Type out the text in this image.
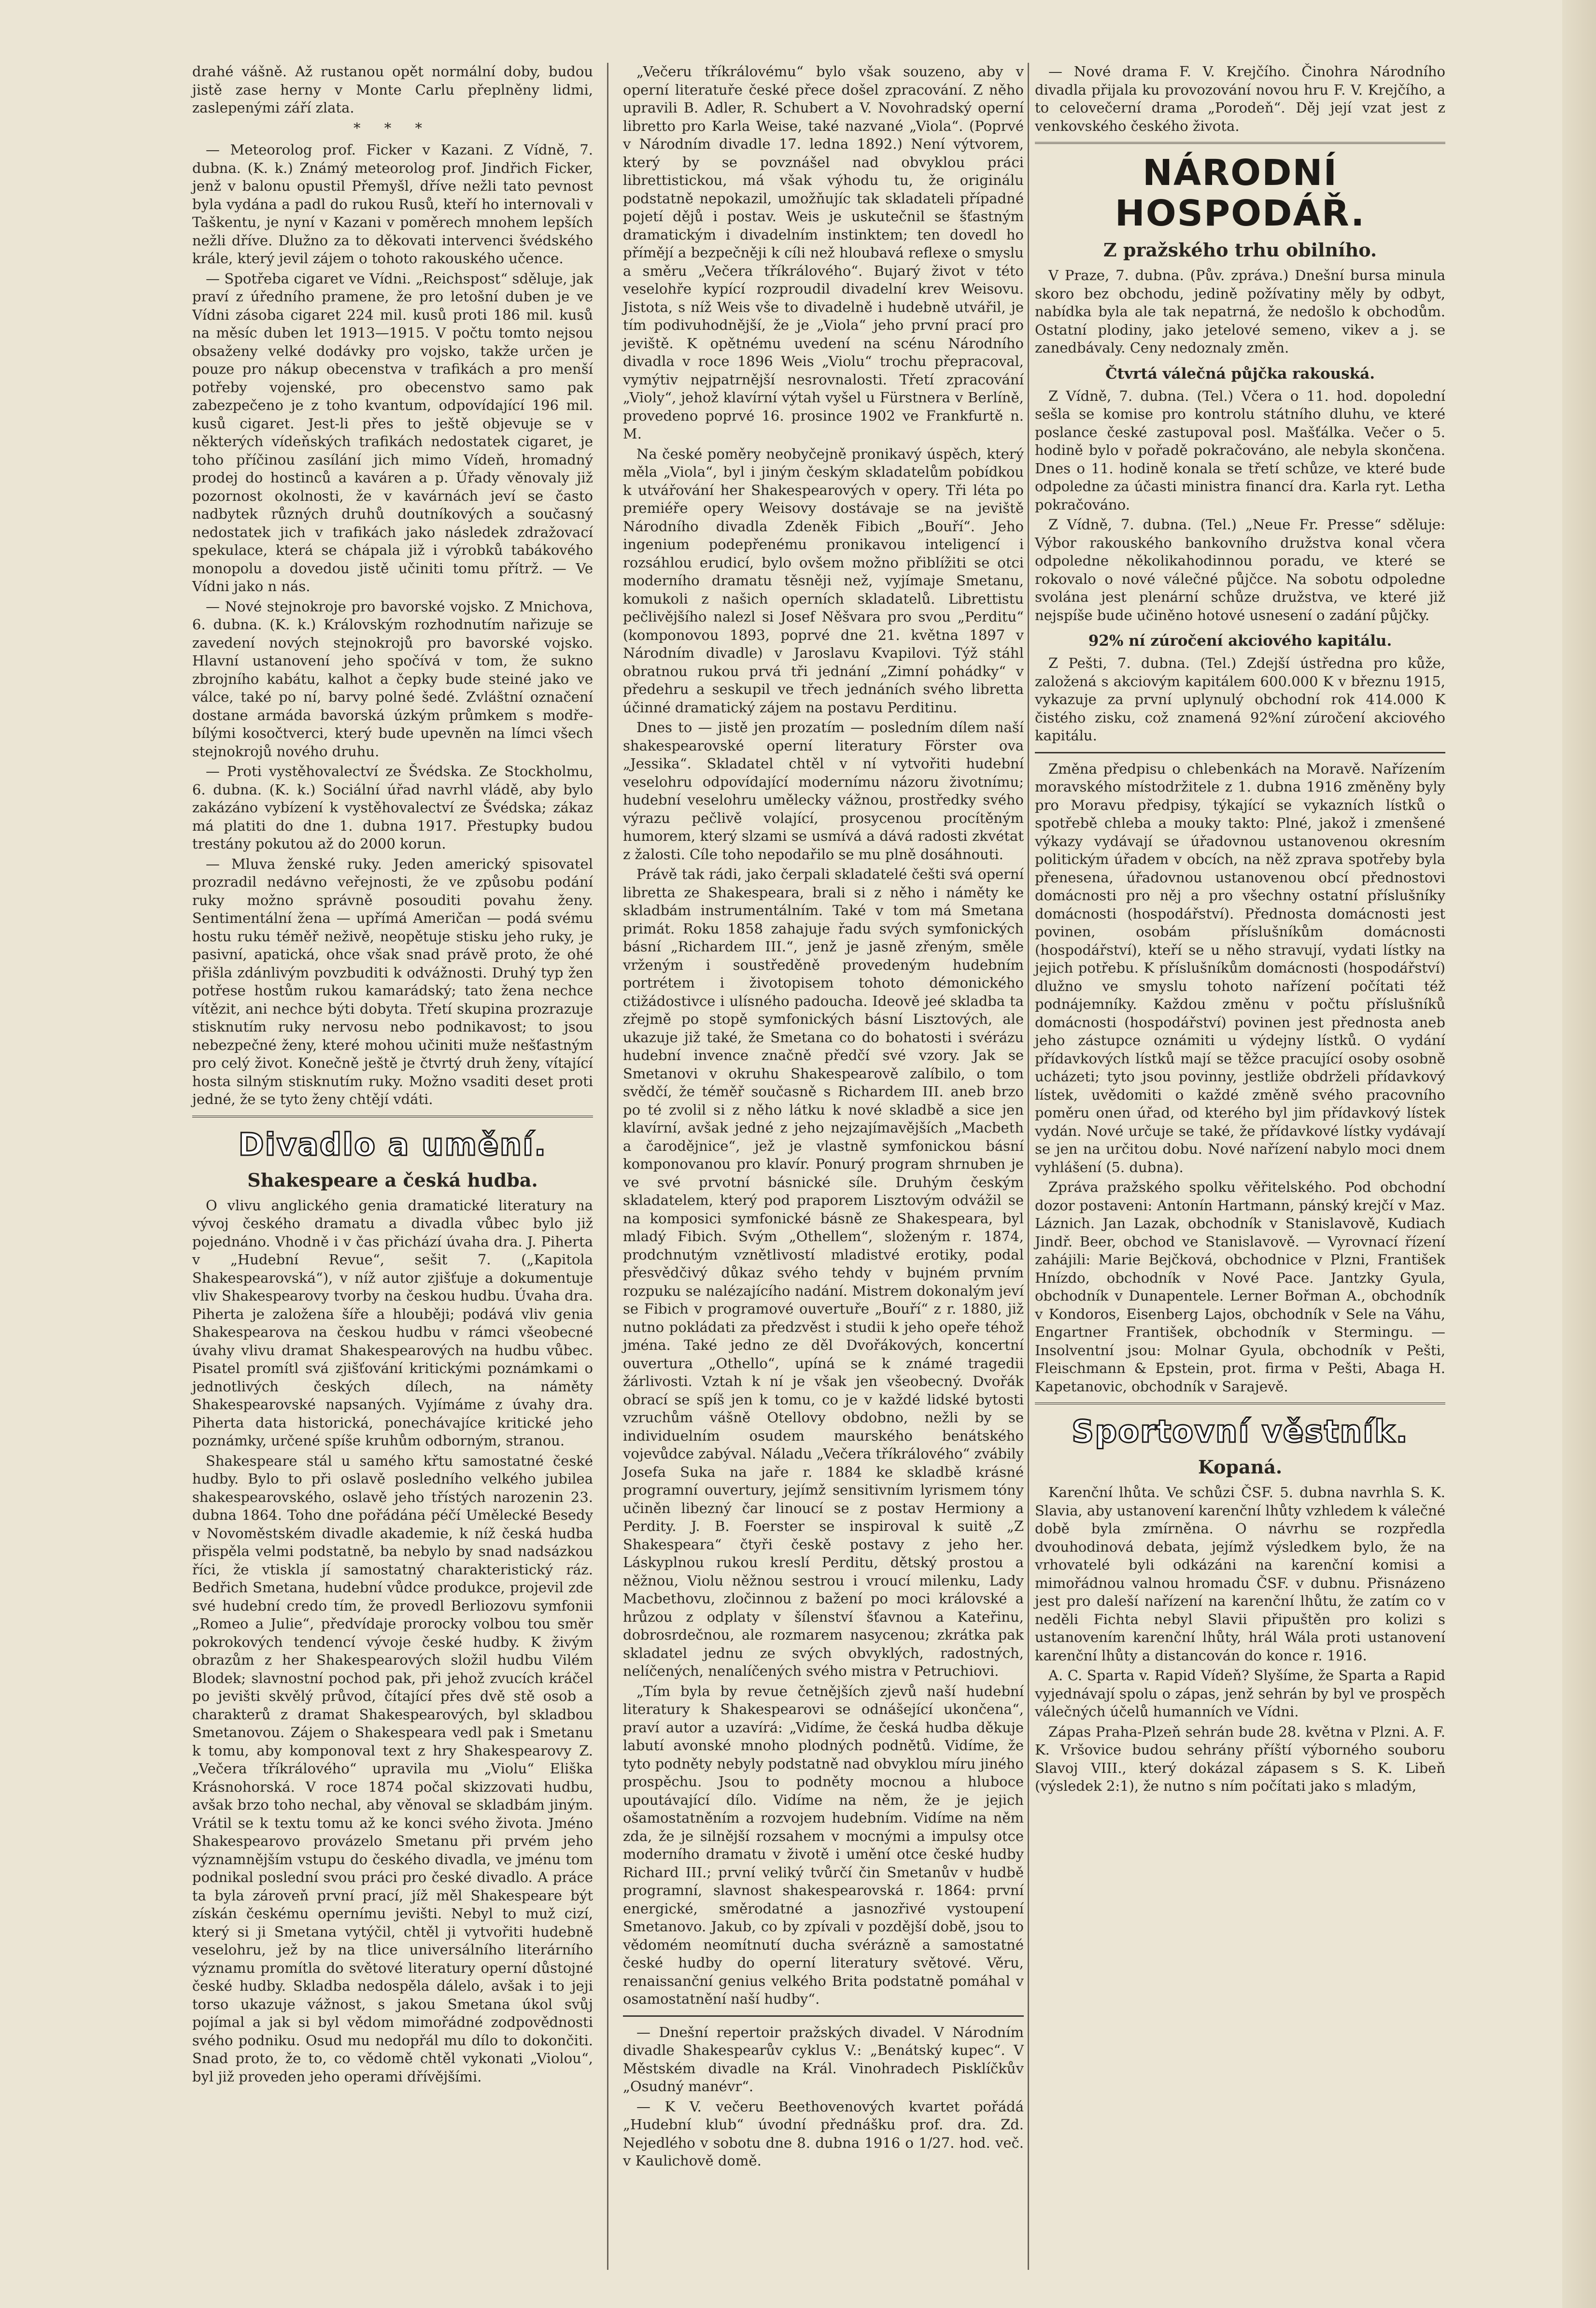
drahé vášně. Až rustanou opět normální doby, budou jistě zase herny v Monte Carlu přeplněny lidmi, zaslepenými září zlata.

* * *

— Meteorolog prof. Ficker v Kazani. Z Vídně, 7. dubna. (K. k.) Známý meteorolog prof. Jindřich Ficker, jenž v balonu opustil Přemyšl, dříve nežli tato pevnost byla vydána a padl do rukou Rusů, kteří ho internovali v Taškentu, je nyní v Kazani v poměrech mnohem lepších nežli dříve. Dlužno za to děkovati intervenci švédského krále, který jevil zájem o tohoto rakouského učence.

— Spotřeba cigaret ve Vídni. „Reichspost“ sděluje, jak praví z úředního pramene, že pro letošní duben je ve Vídni zásoba cigaret 224 mil. kusů proti 186 mil. kusů na měsíc duben let 1913—1915. V počtu tomto nejsou obsaženy velké dodávky pro vojsko, takže určen je pouze pro nákup obecenstva v trafikách a pro menší potřeby vojenské, pro obecenstvo samo pak zabezpečeno je z toho kvantum, odpovídající 196 mil. kusů cigaret. Jest-li přes to ještě objevuje se v některých vídeňských trafikách nedostatek cigaret, je toho příčinou zasílání jich mimo Vídeň, hromadný prodej do hostinců a kaváren a p. Úřady věnovaly již pozornost okolnosti, že v kavárnách jeví se často nadbytek různých druhů doutníkových a současný nedostatek jich v trafikách jako následek zdražovací spekulace, která se chápala již i výrobků tabákového monopolu a dovedou jistě učiniti tomu přítrž. — Ve Vídni jako n nás.

— Nové stejnokroje pro bavorské vojsko. Z Mnichova, 6. dubna. (K. k.) Královským rozhodnutím nařizuje se zavedení nových stejnokrojů pro bavorské vojsko. Hlavní ustanovení jeho spočívá v tom, že sukno zbrojního kabátu, kalhot a čepky bude steiné jako ve válce, také po ní, barvy polné šedé. Zvláštní označení dostane armáda bavorská úzkým průmkem s modře-bílými kosočtverci, který bude upevněn na límci všech stejnokrojů nového druhu.

— Proti vystěhovalectví ze Švédska. Ze Stockholmu, 6. dubna. (K. k.) Sociální úřad navrhl vládě, aby bylo zakázáno vybízení k vystěhovalectví ze Švédska; zákaz má platiti do dne 1. dubna 1917. Přestupky budou trestány pokutou až do 2000 korun.

— Mluva ženské ruky. Jeden americký spisovatel prozradil nedávno veřejnosti, že ve způsobu podání ruky možno správně posouditi povahu ženy. Sentimentální žena — upřímá Američan — podá svému hostu ruku téměř neživě, neopětuje stisku jeho ruky, je pasivní, apatická, ohce však snad právě proto, že ohé přišla zdánlivým povzbuditi k odvážnosti. Druhý typ žen potřese hostům rukou kamarádský; tato žena nechce vítězit, ani nechce býti dobyta. Třetí skupina prozrazuje stisknutím ruky nervosu nebo podnikavost; to jsou nebezpečné ženy, které mohou učiniti muže nešťastným pro celý život. Konečně ještě je čtvrtý druh ženy, vítající hosta silným stisknutím ruky. Možno vsaditi deset proti jedné, že se tyto ženy chtějí vdáti.

Divadlo a umění.
Shakespeare a česká hudba.

O vlivu anglického genia dramatické literatury na vývoj českého dramatu a divadla vůbec bylo již pojednáno. Vhodně i v čas přichází úvaha dra. J. Piherta v „Hudební Revue“, sešit 7. („Kapitola Shakespearovská“), v níž autor zjišťuje a dokumentuje vliv Shakespearovy tvorby na českou hudbu. Úvaha dra. Piherta je založena šíře a hlouběji; podává vliv genia Shakespearova na českou hudbu v rámci všeobecné úvahy vlivu dramat Shakespearových na hudbu vůbec. Pisatel promítl svá zjišťování kritickými poznámkami o jednotlivých českých dílech, na náměty Shakespearovské napsaných. Vyjímáme z úvahy dra. Piherta data historická, ponechávajíce kritické jeho poznámky, určené spíše kruhům odborným, stranou.

Shakespeare stál u samého křtu samostatné české hudby. Bylo to při oslavě posledního velkého jubilea shakespearovského, oslavě jeho třístých narozenin 23. dubna 1864. Toho dne pořádána péčí Umělecké Besedy v Novoměstském divadle akademie, k níž česká hudba přispěla velmi podstatně, ba nebylo by snad nadsázkou říci, že vtiskla jí samostatný charakteristický ráz. Bedřich Smetana, hudební vůdce produkce, projevil zde své hudební credo tím, že provedl Berliozovu symfonii „Romeo a Julie“, předvídaje prorocky volbou tou směr pokrokových tendencí vývoje české hudby. K živým obrazům z her Shakespearových složil hudbu Vilém Blodek; slavnostní pochod pak, při jehož zvucích kráčel po jevišti skvělý průvod, čítající přes dvě stě osob a charakterů z dramat Shakespearových, byl skladbou Smetanovou. Zájem o Shakespeara vedl pak i Smetanu k tomu, aby komponoval text z hry Shakespearovy Z. „Večera tříkrálového“ upravila mu „Violu“ Eliška Krásnohorská. V roce 1874 počal skizzovati hudbu, avšak brzo toho nechal, aby věnoval se skladbám jiným. Vrátil se k textu tomu až ke konci svého života. Jméno Shakespearovo provázelo Smetanu při prvém jeho významnějším vstupu do českého divadla, ve jménu tom podnikal poslední svou práci pro české divadlo. A práce ta byla zároveň první prací, jíž měl Shakespeare být získán českému opernímu jevišti. Nebyl to muž cizí, který si ji Smetana vytýčil, chtěl ji vytvořiti hudebně veselohru, jež by na tlice universálního literárního významu promítla do světové literatury operní důstojné české hudby. Skladba nedospěla dálelo, avšak i to jeji torso ukazuje vážnost, s jakou Smetana úkol svůj pojímal a jak si byl vědom mimořádné zodpovědnosti svého podniku. Osud mu nedopřál mu dílo to dokončiti. Snad proto, že to, co vědomě chtěl vykonati „Violou“, byl již proveden jeho operami dřívějšími.

„Večeru tříkrálovému“ bylo však souzeno, aby v operní literatuře české přece došel zpracování. Z něho upravili B. Adler, R. Schubert a V. Novohradský operní libretto pro Karla Weise, také nazvané „Viola“. (Poprvé v Národním divadle 17. ledna 1892.) Není výtvorem, který by se povznášel nad obvyklou práci librettistickou, má však výhodu tu, že originálu podstatně nepokazil, umožňujíc tak skladateli případné pojetí dějů i postav. Weis je uskutečnil se šťastným dramatickým i divadelním instinktem; ten dovedl ho přímějí a bezpečněji k cíli než hloubavá reflexe o smyslu a směru „Večera tříkrálového“. Bujarý život v této veselohře kypící rozproudil divadelní krev Weisovu. Jistota, s níž Weis vše to divadelně i hudebně utvářil, je tím podivuhodnější, že je „Viola“ jeho první prací pro jeviště. K opětnému uvedení na scénu Národního divadla v roce 1896 Weis „Violu“ trochu přepracoval, vymýtiv nejpatrnější nesrovnalosti. Třetí zpracování „Violy“, jehož klavírní výtah vyšel u Fürstnera v Berlíně, provedeno poprvé 16. prosince 1902 ve Frankfurtě n. M.

Na české poměry neobyčejně pronikavý úspěch, který měla „Viola“, byl i jiným českým skladatelům pobídkou k utvářování her Shakespearových v opery. Tři léta po premiéře opery Weisovy dostávaje se na jeviště Národního divadla Zdeněk Fibich „Bouří“. Jeho ingenium podepřenému pronikavou inteligencí i rozsáhlou erudicí, bylo ovšem možno přiblížiti se otci moderního dramatu těsněji než, vyjímaje Smetanu, komukoli z našich operních skladatelů. Librettistu pečlivějšího nalezl si Josef Něšvara pro svou „Perditu“ (komponovou 1893, poprvé dne 21. května 1897 v Národním divadle) v Jaroslavu Kvapilovi. Týž stáhl obratnou rukou prvá tři jednání „Zimní pohádky“ v předehru a seskupil ve třech jednáních svého libretta účinné dramatický zájem na postavu Perditinu.

Dnes to — jistě jen prozatím — posledním dílem naší shakespearovské operní literatury Förster ova „Jessika“. Skladatel chtěl v ní vytvořiti hudební veselohru odpovídající modernímu názoru životnímu; hudební veselohru umělecky vážnou, prostředky svého výrazu pečlivě volající, prosycenou procítěným humorem, který slzami se usmívá a dává radosti zkvétat z žalosti. Cíle toho nepodařilo se mu plně dosáhnouti.

Právě tak rádi, jako čerpali skladatelé češti svá operní libretta ze Shakespeara, brali si z něho i náměty ke skladbám instrumentálním. Také v tom má Smetana primát. Roku 1858 zahajuje řadu svých symfonických básní „Richardem III.“, jenž je jasně zřeným, směle vrženým i soustředěně provedeným hudebním portrétem i životopisem tohoto démonického ctižádostivce i ulísného padoucha. Ideově jeé skladba ta zřejmě po stopě symfonických básní Lisztových, ale ukazuje již také, že Smetana co do bohatosti i svérázu hudební invence značně předčí své vzory. Jak se Smetanovi v okruhu Shakespearově zalíbilo, o tom svědčí, že téměř současně s Richardem III. aneb brzo po té zvolil si z něho látku k nové skladbě a sice jen klavírní, avšak jedné z jeho nejzajímavějších „Macbeth a čarodějnice“, jež je vlastně symfonickou básní komponovanou pro klavír. Ponurý program shrnuben je ve své prvotní básnické síle. Druhým českým skladatelem, který pod praporem Lisztovým odvážil se na komposici symfonické básně ze Shakespeara, byl mladý Fibich. Svým „Othellem“, složeným r. 1874, prodchnutým vznětlivostí mladistvé erotiky, podal přesvědčivý důkaz svého tehdy v bujném prvním rozpuku se nalézajícího nadání. Mistrem dokonalým jeví se Fibich v programové ouvertuře „Bouří“ z r. 1880, již nutno pokládati za předzvěst i studii k jeho opeře téhož jména. Také jedno ze děl Dvořákových, koncertní ouvertura „Othello“, upíná se k známé tragedii žárlivosti. Vztah k ní je však jen všeobecný. Dvořák obrací se spíš jen k tomu, co je v každé lidské bytosti vzruchům vášně Otellovy obdobno, nežli by se individuelním osudem maurského benátského vojevůdce zabýval. Náladu „Večera tříkrálového“ zvábily Josefa Suka na jaře r. 1884 ke skladbě krásné programní ouvertury, jejímž sensitivním lyrismem tóny učiněn libezný čar linoucí se z postav Hermiony a Perdity. J. B. Foerster se inspiroval k suitě „Z Shakespeara“ čtyři českě postavy z jeho her. Láskyplnou rukou kreslí Perditu, dětský prostou a něžnou, Violu něžnou sestrou i vroucí milenku, Lady Macbethovu, zločinnou z bažení po moci královské a hrůzou z odplaty v šílenství šťavnou a Kateřinu, dobrosrdečnou, ale rozmarem nasycenou; zkrátka pak skladatel jednu ze svých obvyklých, radostných, nelíčených, nenalíčených svého mistra v Petruchiovi.

„Tím byla by revue četnějších zjevů naší hudební literatury k Shakespearovi se odnášející ukončena“, praví autor a uzavírá: „Vidíme, že česká hudba děkuje labutí avonské mnoho plodných podnětů. Vidíme, že tyto podněty nebyly podstatně nad obvyklou míru jiného prospěchu. Jsou to podněty mocnou a hluboce upoutávající dílo. Vidíme na něm, že je jejich ošamostatněním a rozvojem hudebním. Vidíme na něm zda, že je silnější rozsahem v mocnými a impulsy otce moderního dramatu v životě i umění otce české hudby Richard III.; první veliký tvůrčí čin Smetanův v hudbě programní, slavnost shakespearovská r. 1864: první energické, směrodatné a jasnozřivé vystoupení Smetanovo. Jakub, co by zpívali v pozdější době, jsou to vědomém neomítnutí ducha svérázně a samostatné české hudby do operní literatury světové. Věru, renaissanční genius velkého Brita podstatně pomáhal v osamostatnění naší hudby“.

— Dnešní repertoir pražských divadel. V Národním divadle Shakespearův cyklus V.: „Benátský kupec“. V Městském divadle na Král. Vinohradech Pisklíčkův „Osudný manévr“.

— K V. večeru Beethovenových kvartet pořádá „Hudební klub“ úvodní přednášku prof. dra. Zd. Nejedlého v sobotu dne 8. dubna 1916 o 1/27. hod. več. v Kaulichově domě.

— Nové drama F. V. Krejčího. Činohra Národního divadla přijala ku provozování novou hru F. V. Krejčího, a to celovečerní drama „Porodeň“. Děj její vzat jest z venkovského českého života.

NÁRODNÍ HOSPODÁŘ.
Z pražského trhu obilního.

V Praze, 7. dubna. (Pův. zpráva.) Dnešní bursa minula skoro bez obchodu, jedině požívatiny měly by odbyt, nabídka byla ale tak nepatrná, že nedošlo k obchodům. Ostatní plodiny, jako jetelové semeno, vikev a j. se zanedbávaly. Ceny nedoznaly změn.

Čtvrtá válečná půjčka rakouská.

Z Vídně, 7. dubna. (Tel.) Včera o 11. hod. dopolední sešla se komise pro kontrolu státního dluhu, ve které poslance české zastupoval posl. Mašťálka. Večer o 5. hodině bylo v pořadě pokračováno, ale nebyla skončena. Dnes o 11. hodině konala se třetí schůze, ve které bude odpoledne za účasti ministra financí dra. Karla ryt. Letha pokračováno.

Z Vídně, 7. dubna. (Tel.) „Neue Fr. Presse“ sděluje: Výbor rakouského bankovního družstva konal včera odpoledne několikahodinnou poradu, ve které se rokovalo o nové válečné půjčce. Na sobotu odpoledne svolána jest plenární schůze družstva, ve které již nejspíše bude učiněno hotové usnesení o zadání půjčky.

92% ní zúročení akciového kapitálu.

Z Pešti, 7. dubna. (Tel.) Zdejší ústředna pro kůže, založená s akciovým kapitálem 600.000 K v březnu 1915, vykazuje za první uplynulý obchodní rok 414.000 K čistého zisku, což znamená 92%ní zúročení akciového kapitálu.

Změna předpisu o chlebenkách na Moravě. Nařízením moravského místodržitele z 1. dubna 1916 změněny byly pro Moravu předpisy, týkající se vykazních lístků o spotřebě chleba a mouky takto: Plné, jakož i zmenšené výkazy vydávají se úřadovnou ustanovenou okresním politickým úřadem v obcích, na něž zprava spotřeby byla přenesena, úřadovnou ustanovenou obcí přednostovi domácnosti pro něj a pro všechny ostatní příslušníky domácnosti (hospodářství). Přednosta domácnosti jest povinen, osobám příslušníkům domácnosti (hospodářství), kteří se u něho stravují, vydati lístky na jejich potřebu. K příslušníkům domácnosti (hospodářství) dlužno ve smyslu tohoto nařízení počítati též podnájemníky. Každou změnu v počtu příslušníků domácnosti (hospodářství) povinen jest přednosta aneb jeho zástupce oznámiti u výdejny lístků. O vydání přídavkových lístků mají se těžce pracující osoby osobně ucházeti; tyto jsou povinny, jestliže obdrželi přídavkový lístek, uvědomiti o každé změně svého pracovního poměru onen úřad, od kterého byl jim přídavkový lístek vydán. Nové určuje se také, že přídavkové lístky vydávají se jen na určitou dobu. Nové nařízení nabylo moci dnem vyhlášení (5. dubna).

Zpráva pražského spolku věřitelského. Pod obchodní dozor postaveni: Antonín Hartmann, pánský krejčí v Maz. Láznich. Jan Lazak, obchodník v Stanislavově, Kudiach Jindř. Beer, obchod ve Stanislavově. — Vyrovnací řízení zahájili: Marie Bejčková, obchodnice v Plzni, František Hnízdo, obchodník v Nové Pace. Jantzky Gyula, obchodník v Dunapentele. Lerner Bořman A., obchodník v Kondoros, Eisenberg Lajos, obchodník v Sele na Váhu, Engartner František, obchodník v Stermingu. — Insolventní jsou: Molnar Gyula, obchodník v Pešti, Fleischmann & Epstein, prot. firma v Pešti, Abaga H. Kapetanovic, obchodník v Sarajevě.

Sportovní věstník.
Kopaná.

Karenční lhůta. Ve schůzi ČSF. 5. dubna navrhla S. K. Slavia, aby ustanovení karenční lhůty vzhledem k válečné době byla zmírněna. O návrhu se rozpředla dvouhodinová debata, jejímž výsledkem bylo, že na vrhovatelé byli odkázáni na karenční komisi a mimořádnou valnou hromadu ČSF. v dubnu. Přisnázeno jest pro daleší nařízení na karenční lhůtu, že zatím co v neděli Fichta nebyl Slavii připuštěn pro kolizi s ustanovením karenční lhůty, hrál Wála proti ustanovení karenční lhůty a distancován do konce r. 1916.

A. C. Sparta v. Rapid Vídeň? Slyšíme, že Sparta a Rapid vyjednávají spolu o zápas, jenž sehrán by byl ve prospěch válečných účelů humanních ve Vídni.

Zápas Praha-Plzeň sehrán bude 28. května v Plzni. A. F. K. Vršovice budou sehrány příští výborného souboru Slavoj VIII., který dokázal zápasem s S. K. Libeň (výsledek 2:1), že nutno s ním počítati jako s mladým,
